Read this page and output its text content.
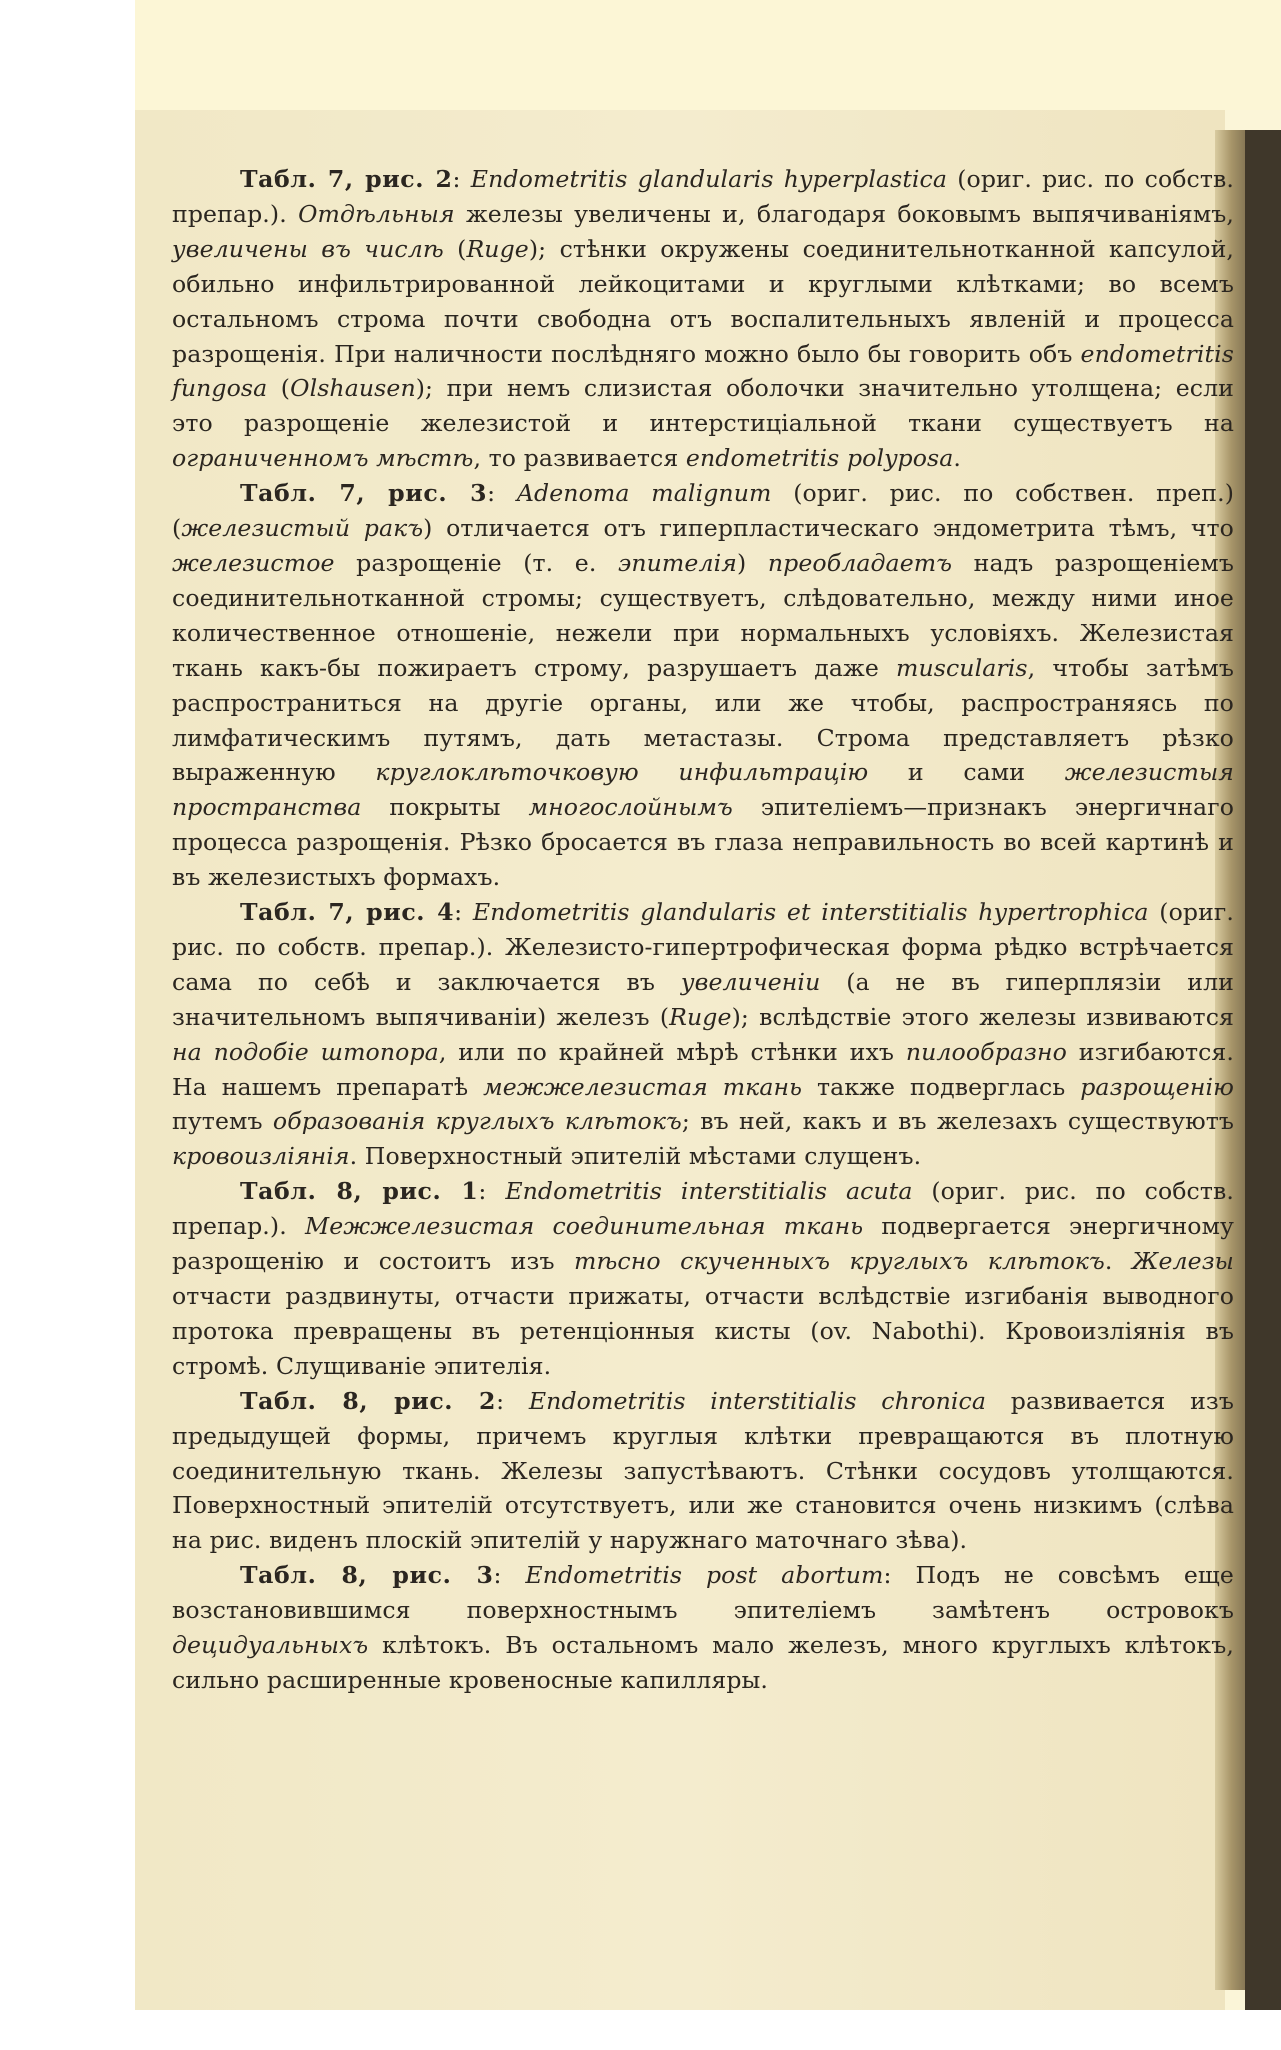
Табл. 7, рис. 2: Endometritis glandularis hyperplastica (ориг. рис. по собств. препар.). Отдѣльныя железы увеличены и, благодаря боковымъ выпячиваніямъ, увеличены въ числѣ (Ruge); стѣнки окружены соединительнотканной капсулой, обильно инфильтрированной лейкоцитами и круглыми клѣтками; во всемъ остальномъ строма почти свободна отъ воспалительныхъ явленій и процесса разрощенія. При наличности послѣдняго можно было бы говорить объ endometritis fungosa (Olshausen); при немъ слизистая оболочки значительно утолщена; если это разрощеніе железистой и интерстиціальной ткани существуетъ на ограниченномъ мѣстѣ, то развивается endometritis polyposa.

Табл. 7, рис. 3: Adenoma malignum (ориг. рис. по собствен. преп.) (железистый ракъ) отличается отъ гиперпластическаго эндометрита тѣмъ, что железистое разрощеніе (т. е. эпителія) преобладаетъ надъ разрощеніемъ соединительнотканной стромы; существуетъ, слѣдовательно, между ними иное количественное отношеніе, нежели при нормальныхъ условіяхъ. Железистая ткань какъ-бы пожираетъ строму, разрушаетъ даже muscularis, чтобы затѣмъ распространиться на другіе органы, или же чтобы, распространяясь по лимфатическимъ путямъ, дать метастазы. Строма представляетъ рѣзко выраженную круглоклѣточковую инфильтрацію и сами железистыя пространства покрыты многослойнымъ эпителіемъ—признакъ энергичнаго процесса разрощенія. Рѣзко бросается въ глаза неправильность во всей картинѣ и въ железистыхъ формахъ.

Табл. 7, рис. 4: Endometritis glandularis et interstitialis hypertrophica (ориг. рис. по собств. препар.). Железисто-гипертрофическая форма рѣдко встрѣчается сама по себѣ и заключается въ увеличеніи (а не въ гиперплязіи или значительномъ выпячиваніи) железъ (Ruge); вслѣдствіе этого железы извиваются на подобіе штопора, или по крайней мѣрѣ стѣнки ихъ пилообразно изгибаются. На нашемъ препаратѣ межжелезистая ткань также подверглась разрощенію путемъ образованія круглыхъ клѣтокъ; въ ней, какъ и въ железахъ существуютъ кровоизліянія. Поверхностный эпителій мѣстами слущенъ.

Табл. 8, рис. 1: Endometritis interstitialis acuta (ориг. рис. по собств. препар.). Межжелезистая соединительная ткань подвергается энергичному разрощенію и состоитъ изъ тѣсно скученныхъ круглыхъ клѣтокъ. Железы отчасти раздвинуты, отчасти прижаты, отчасти вслѣдствіе изгибанія выводного протока превращены въ ретенціонныя кисты (ov. Nabothi). Кровоизліянія въ стромѣ. Слущиваніе эпителія.

Табл. 8, рис. 2: Endometritis interstitialis chronica развивается изъ предыдущей формы, причемъ круглыя клѣтки превращаются въ плотную соединительную ткань. Железы запустѣваютъ. Стѣнки сосудовъ утолщаются. Поверхностный эпителій отсутствуетъ, или же становится очень низкимъ (слѣва на рис. виденъ плоскій эпителій у наружнаго маточнаго зѣва).

Табл. 8, рис. 3: Endometritis post abortum: Подъ не совсѣмъ еще возстановившимся поверхностнымъ эпителіемъ замѣтенъ островокъ децидуальныхъ клѣтокъ. Въ остальномъ мало железъ, много круглыхъ клѣтокъ, сильно расширенные кровеносные капилляры.
